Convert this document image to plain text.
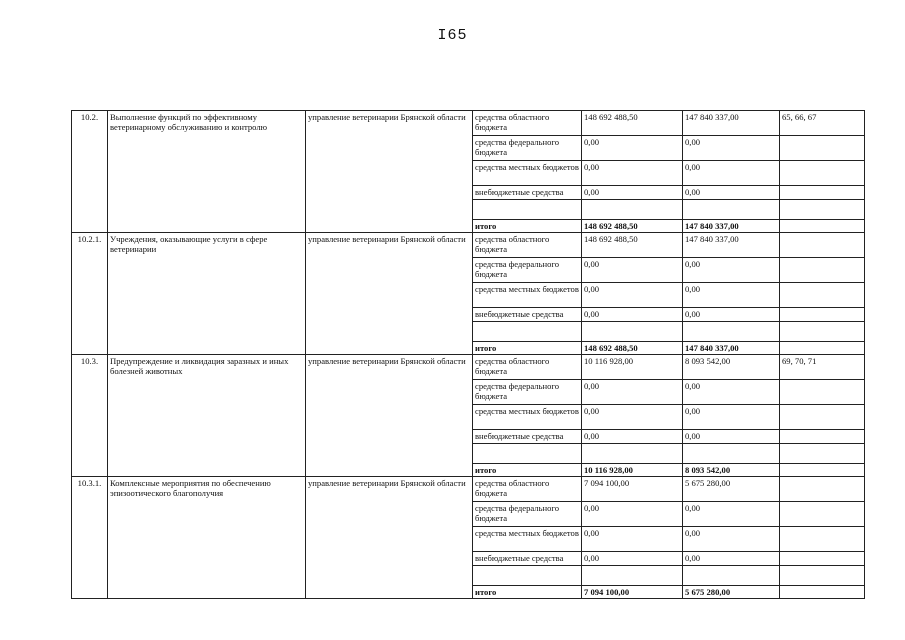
I65
10.2.	Выполнение функций по эффективному ветеринарному обслуживанию и контролю	управление ветеринарии Брянской области	средства областного бюджета	148 692 488,50	147 840 337,00	65, 66, 67
			средства федерального бюджета	0,00	0,00	
			средства местных бюджетов	0,00	0,00	
			внебюджетные средства	0,00	0,00	

			итого	148 692 488,50	147 840 337,00	
10.2.1.	Учреждения, оказывающие услуги в сфере ветеринарии	управление ветеринарии Брянской области	средства областного бюджета	148 692 488,50	147 840 337,00	
			средства федерального бюджета	0,00	0,00	
			средства местных бюджетов	0,00	0,00	
			внебюджетные средства	0,00	0,00	

			итого	148 692 488,50	147 840 337,00	
10.3.	Предупреждение и ликвидация заразных и иных болезней животных	управление ветеринарии Брянской области	средства областного бюджета	10 116 928,00	8 093 542,00	69, 70, 71
			средства федерального бюджета	0,00	0,00	
			средства местных бюджетов	0,00	0,00	
			внебюджетные средства	0,00	0,00	

			итого	10 116 928,00	8 093 542,00	
10.3.1.	Комплексные мероприятия по обеспечению эпизоотического благополучия	управление ветеринарии Брянской области	средства областного бюджета	7 094 100,00	5 675 280,00	
			средства федерального бюджета	0,00	0,00	
			средства местных бюджетов	0,00	0,00	
			внебюджетные средства	0,00	0,00	

			итого	7 094 100,00	5 675 280,00	
